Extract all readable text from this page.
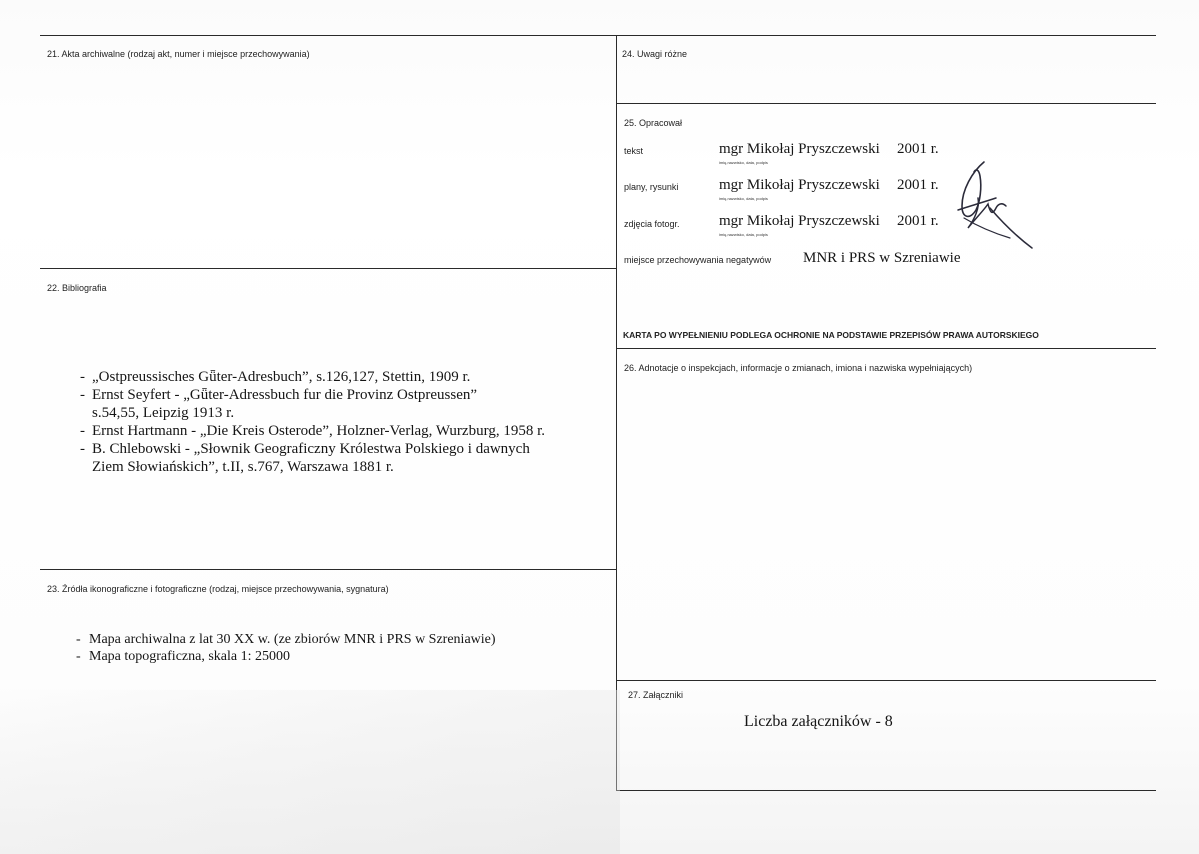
21. Akta archiwalne (rodzaj akt, numer i miejsce przechowywania)
22. Bibliografia
- „Ostpreussisches Gǖter-Adresbuch”, s.126,127, Stettin, 1909 r.
- Ernst Seyfert - „Gǖter-Adressbuch fur die Provinz Ostpreussen”
s.54,55, Leipzig 1913 r.
- Ernst Hartmann - „Die Kreis Osterode”, Holzner-Verlag, Wurzburg, 1958 r.
- B. Chlebowski - „Słownik Geograficzny Królestwa Polskiego i dawnych
Ziem Słowiańskich”, t.II, s.767, Warszawa 1881 r.
23. Źródła ikonograficzne i fotograficzne (rodzaj, miejsce przechowywania, sygnatura)
- Mapa archiwalna z lat 30 XX w. (ze zbiorów MNR i PRS w Szreniawie)
- Mapa topograficzna, skala 1: 25000
24. Uwagi różne
25. Opracował
tekst	mgr Mikołaj Pryszczewski 2001 r.
imię,nazwisko, data, podpis
plany, rysunki	mgr Mikołaj Pryszczewski 2001 r.
imię,nazwisko, data, podpis
zdjęcia fotogr.	mgr Mikołaj Pryszczewski 2001 r.
imię,nazwisko, data, podpis
miejsce przechowywania negatywów MNR i PRS w Szreniawie
KARTA PO WYPEŁNIENIU PODLEGA OCHRONIE NA PODSTAWIE PRZEPISÓW PRAWA AUTORSKIEGO
26. Adnotacje o inspekcjach, informacje o zmianach, imiona i nazwiska wypełniających)
27. Załączniki
Liczba załączników - 8
